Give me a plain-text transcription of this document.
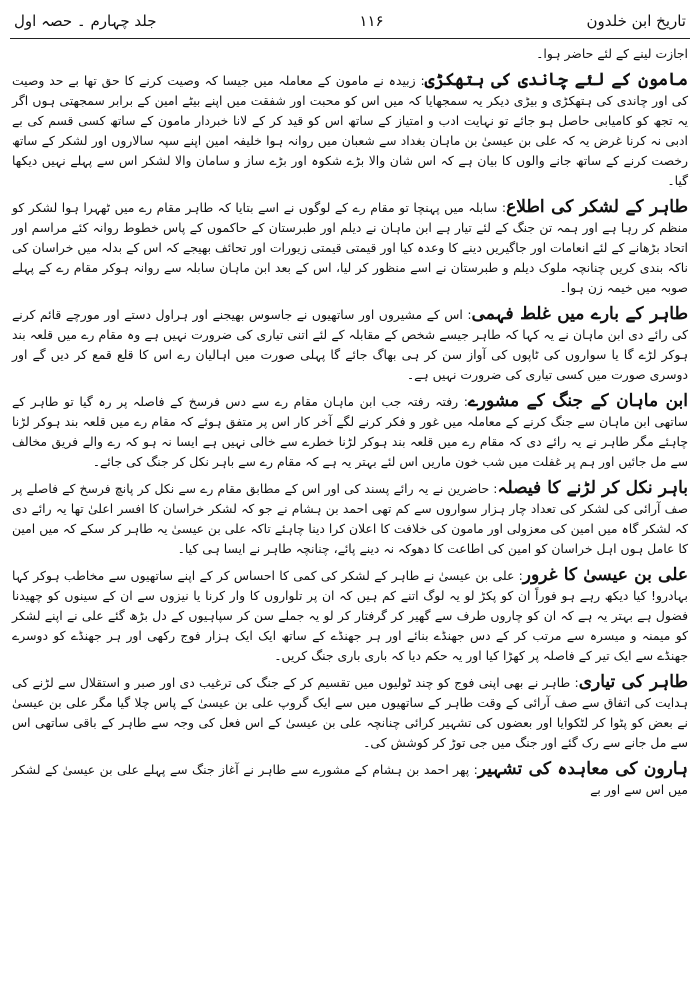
جلد چہارم ۔ حصہ اول	۱۱۶	تاریخ ابن خلدون

اجازت لینے کے لئے حاضر ہوا۔

مامون کے لئے چاندی کی ہتھکڑی: زبیدہ نے مامون کے معاملہ میں جیسا کہ وصیت کرنے کا حق تھا بے حد وصیت کی اور چاندی کی ہتھکڑی و بیڑی دیکر یہ سمجھایا کہ میں اس کو محبت اور شفقت میں اپنے بیٹے امین کے برابر سمجھتی ہوں اگر یہ تجھ کو کامیابی حاصل ہو جائے تو نہایت ادب و امتیاز کے ساتھ اس کو قید کر کے لانا خبردار مامون کے ساتھ کسی قسم کی بے ادبی نہ کرنا غرض یہ کہ علی بن عیسیٰ بن ماہان بغداد سے شعبان میں روانہ ہوا خلیفہ امین اپنے سپہ سالاروں اور لشکر کے ساتھ رخصت کرنے کے ساتھ جانے والوں کا بیان ہے کہ اس شان والا بڑے شکوہ اور بڑے ساز و سامان والا لشکر اس سے پہلے نہیں دیکھا گیا۔

طاہر کے لشکر کی اطلاع: سابلہ میں پہنچا تو مقام رے کے لوگوں نے اسے بتایا کہ طاہر مقام رے میں ٹھہرا ہوا لشکر کو منظم کر رہا ہے اور ہمہ تن جنگ کے لئے تیار ہے ابن ماہان نے دیلم اور طبرستان کے حاکموں کے پاس خطوط روانہ کئے مراسم اور اتحاد بڑھانے کے لئے انعامات اور جاگیریں دینے کا وعدہ کیا اور قیمتی قیمتی زیورات اور تحائف بھیجے کہ اس کے بدلہ میں خراسان کی ناکہ بندی کریں چنانچہ ملوک دیلم و طبرستان نے اسے منظور کر لیا، اس کے بعد ابن ماہان سابلہ سے روانہ ہوکر مقام رے کے پہلے صوبہ میں خیمہ زن ہوا۔

طاہر کے بارے میں غلط فہمی: اس کے مشیروں اور ساتھیوں نے جاسوس بھیجنے اور ہراول دستے اور مورچے قائم کرنے کی رائے دی ابن ماہان نے یہ کہا کہ طاہر جیسے شخص کے مقابلہ کے لئے اتنی تیاری کی ضرورت نہیں ہے وہ مقام رے میں قلعہ بند ہوکر لڑے گا یا سواروں کی ٹاپوں کی آواز سن کر ہی بھاگ جائے گا پہلی صورت میں اہالیان رے اس کا قلع قمع کر دیں گے اور دوسری صورت میں کسی تیاری کی ضرورت نہیں ہے۔

ابن ماہان کے جنگ کے مشورے: رفتہ رفتہ جب ابن ماہان مقام رے سے دس فرسخ کے فاصلہ پر رہ گیا تو طاہر کے ساتھی ابن ماہان سے جنگ کرنے کے معاملہ میں غور و فکر کرنے لگے آخر کار اس پر متفق ہوئے کہ مقام رے میں قلعہ بند ہوکر لڑنا چاہئے مگر طاہر نے یہ رائے دی کہ مقام رے میں قلعہ بند ہوکر لڑنا خطرے سے خالی نہیں ہے ایسا نہ ہو کہ رے والے فریق مخالف سے مل جائیں اور ہم پر غفلت میں شب خون ماریں اس لئے بہتر یہ ہے کہ مقام رے سے باہر نکل کر جنگ کی جائے۔

باہر نکل کر لڑنے کا فیصلہ: حاضرین نے یہ رائے پسند کی اور اس کے مطابق مقام رے سے نکل کر پانچ فرسخ کے فاصلے پر صف آرائی کی لشکر کی تعداد چار ہزار سواروں سے کم تھی احمد بن ہشام نے جو کہ لشکر خراسان کا افسر اعلیٰ تھا یہ رائے دی کہ لشکر گاہ میں امین کی معزولی اور مامون کی خلافت کا اعلان کرا دینا چاہئے تاکہ علی بن عیسیٰ یہ طاہر کر سکے کہ میں امین کا عامل ہوں اہل خراسان کو امین کی اطاعت کا دھوکہ نہ دینے پائے، چنانچہ طاہر نے ایسا ہی کیا۔

علی بن عیسیٰ کا غرور: علی بن عیسیٰ نے طاہر کے لشکر کی کمی کا احساس کر کے اپنے ساتھیوں سے مخاطب ہوکر کہا بہادرو! کیا دیکھ رہے ہو فوراً ان کو پکڑ لو یہ لوگ اتنے کم ہیں کہ ان پر تلواروں کا وار کرنا یا نیزوں سے ان کے سینوں کو چھیدنا فضول ہے بہتر یہ ہے کہ ان کو چاروں طرف سے گھیر کر گرفتار کر لو یہ جملے سن کر سپاہیوں کے دل بڑھ گئے علی نے اپنے لشکر کو میمنہ و میسرہ سے مرتب کر کے دس جھنڈے بنائے اور ہر جھنڈے کے ساتھ ایک ایک ہزار فوج رکھی اور ہر جھنڈے کو دوسرے جھنڈے سے ایک تیر کے فاصلہ پر کھڑا کیا اور یہ حکم دیا کہ باری باری جنگ کریں۔

طاہر کی تیاری: طاہر نے بھی اپنی فوج کو چند ٹولیوں میں تقسیم کر کے جنگ کی ترغیب دی اور صبر و استقلال سے لڑنے کی ہدایت کی اتفاق سے صف آرائی کے وقت طاہر کے ساتھیوں میں سے ایک گروپ علی بن عیسیٰ کے پاس چلا گیا مگر علی بن عیسیٰ نے بعض کو پٹوا کر لٹکوایا اور بعضوں کی تشہیر کرائی چنانچہ علی بن عیسیٰ کے اس فعل کی وجہ سے طاہر کے باقی ساتھی اس سے مل جانے سے رک گئے اور جنگ میں جی توڑ کر کوشش کی۔

ہارون کی معاہدہ کی تشہیر: پھر احمد بن ہشام کے مشورے سے طاہر نے آغاز جنگ سے پہلے علی بن عیسیٰ کے لشکر میں اس سے اور بے
